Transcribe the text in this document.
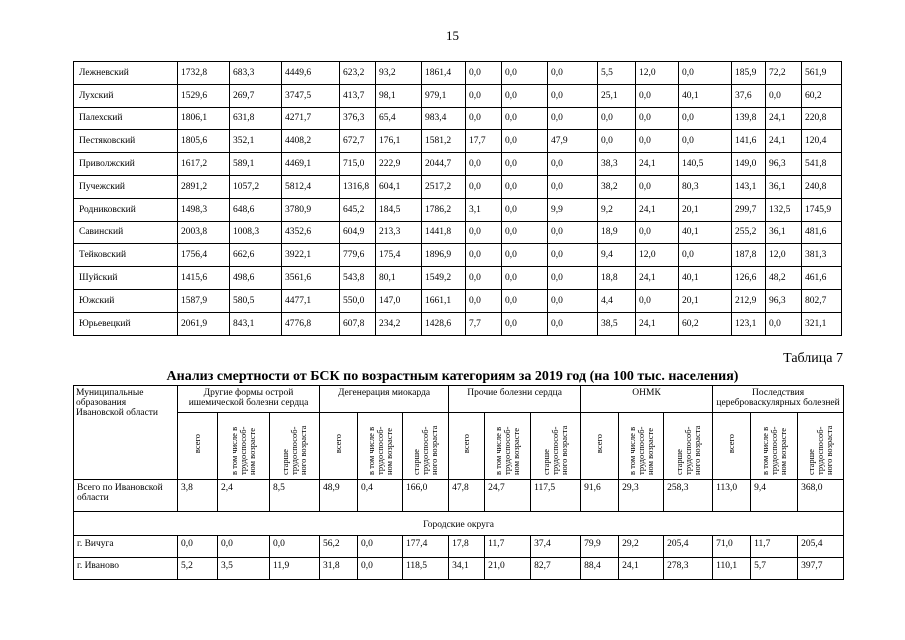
15
Лежневский	1732,8	683,3	4449,6	623,2	93,2	1861,4	0,0	0,0	0,0	5,5	12,0	0,0	185,9	72,2	561,9
Лухский	1529,6	269,7	3747,5	413,7	98,1	979,1	0,0	0,0	0,0	25,1	0,0	40,1	37,6	0,0	60,2
Палехский	1806,1	631,8	4271,7	376,3	65,4	983,4	0,0	0,0	0,0	0,0	0,0	0,0	139,8	24,1	220,8
Пестяковский	1805,6	352,1	4408,2	672,7	176,1	1581,2	17,7	0,0	47,9	0,0	0,0	0,0	141,6	24,1	120,4
Приволжский	1617,2	589,1	4469,1	715,0	222,9	2044,7	0,0	0,0	0,0	38,3	24,1	140,5	149,0	96,3	541,8
Пучежский	2891,2	1057,2	5812,4	1316,8	604,1	2517,2	0,0	0,0	0,0	38,2	0,0	80,3	143,1	36,1	240,8
Родниковский	1498,3	648,6	3780,9	645,2	184,5	1786,2	3,1	0,0	9,9	9,2	24,1	20,1	299,7	132,5	1745,9
Савинский	2003,8	1008,3	4352,6	604,9	213,3	1441,8	0,0	0,0	0,0	18,9	0,0	40,1	255,2	36,1	481,6
Тейковский	1756,4	662,6	3922,1	779,6	175,4	1896,9	0,0	0,0	0,0	9,4	12,0	0,0	187,8	12,0	381,3
Шуйский	1415,6	498,6	3561,6	543,8	80,1	1549,2	0,0	0,0	0,0	18,8	24,1	40,1	126,6	48,2	461,6
Южский	1587,9	580,5	4477,1	550,0	147,0	1661,1	0,0	0,0	0,0	4,4	0,0	20,1	212,9	96,3	802,7
Юрьевецкий	2061,9	843,1	4776,8	607,8	234,2	1428,6	7,7	0,0	0,0	38,5	24,1	60,2	123,1	0,0	321,1
Таблица 7
Анализ смертности от БСК по возрастным категориям за 2019 год (на 100 тыс. населения)
Муниципальные образования Ивановской области	Другие формы острой ишемической болезни сердца			Дегенерация миокарда			Прочие болезни сердца			ОНМК			Последствия цереброваскулярных болезней		
	всего	в том числе в трудоспособ-ном возрасте	старше трудоспособ-ного возраста	всего	в том числе в трудоспособ-ном возрасте	старше трудоспособ-ного возраста	всего	в том числе в трудоспособ-ном возрасте	старше трудоспособ-ного возраста	всего	в том числе в трудоспособ-ном возрасте	старше трудоспособ-ного возраста	всего	в том числе в трудоспособ-ном возрасте	старше трудоспособ-ного возраста
Всего по Ивановской области	3,8	2,4	8,5	48,9	0,4	166,0	47,8	24,7	117,5	91,6	29,3	258,3	113,0	9,4	368,0
Городские округа															
г. Вичуга	0,0	0,0	0,0	56,2	0,0	177,4	17,8	11,7	37,4	79,9	29,2	205,4	71,0	11,7	205,4
г. Иваново	5,2	3,5	11,9	31,8	0,0	118,5	34,1	21,0	82,7	88,4	24,1	278,3	110,1	5,7	397,7
